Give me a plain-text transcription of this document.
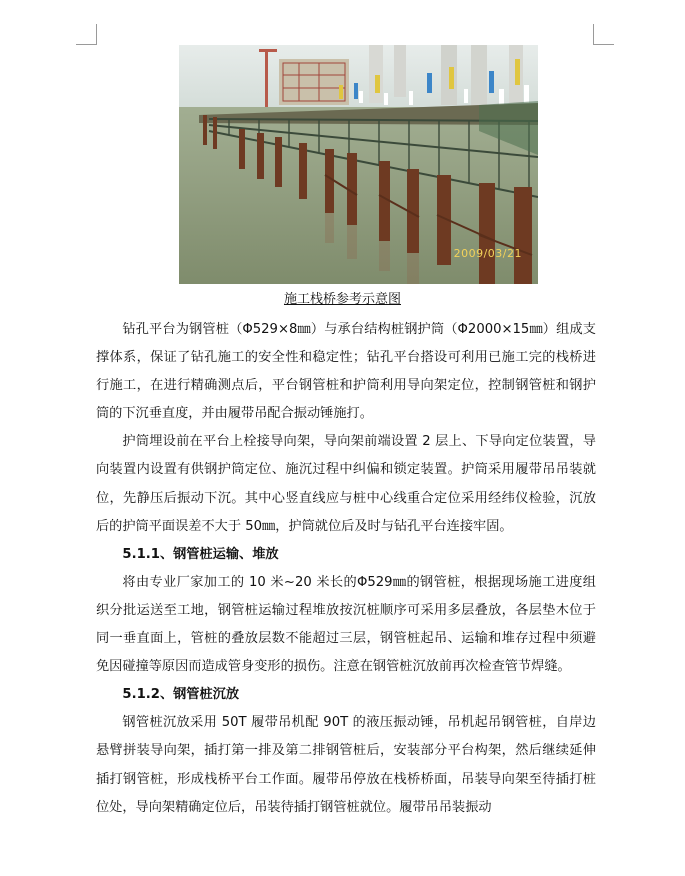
2009/03/21
施工栈桥参考示意图

钻孔平台为钢管桩（Φ529×8㎜）与承台结构桩钢护筒（Φ2000×15㎜）组成支撑体系，保证了钻孔施工的安全性和稳定性；钻孔平台搭设可利用已施工完的栈桥进行施工，在进行精确测点后，平台钢管桩和护筒利用导向架定位，控制钢管桩和钢护筒的下沉垂直度，并由履带吊配合振动锤施打。

护筒埋设前在平台上栓接导向架，导向架前端设置 2 层上、下导向定位装置，导向装置内设置有供钢护筒定位、施沉过程中纠偏和锁定装置。护筒采用履带吊吊装就位，先静压后振动下沉。其中心竖直线应与桩中心线重合定位采用经纬仪检验，沉放后的护筒平面误差不大于 50㎜，护筒就位后及时与钻孔平台连接牢固。

5.1.1、钢管桩运输、堆放

将由专业厂家加工的 10 米~20 米长的Φ529㎜的钢管桩，根据现场施工进度组织分批运送至工地，钢管桩运输过程堆放按沉桩顺序可采用多层叠放，各层垫木位于同一垂直面上，管桩的叠放层数不能超过三层，钢管桩起吊、运输和堆存过程中须避免因碰撞等原因而造成管身变形的损伤。注意在钢管桩沉放前再次检查管节焊缝。

5.1.2、钢管桩沉放

钢管桩沉放采用 50T 履带吊机配 90T 的液压振动锤，吊机起吊钢管桩，自岸边悬臂拼装导向架，插打第一排及第二排钢管桩后，安装部分平台构架，然后继续延伸插打钢管桩，形成栈桥平台工作面。履带吊停放在栈桥桥面，吊装导向架至待插打桩位处，导向架精确定位后，吊装待插打钢管桩就位。履带吊吊装振动
